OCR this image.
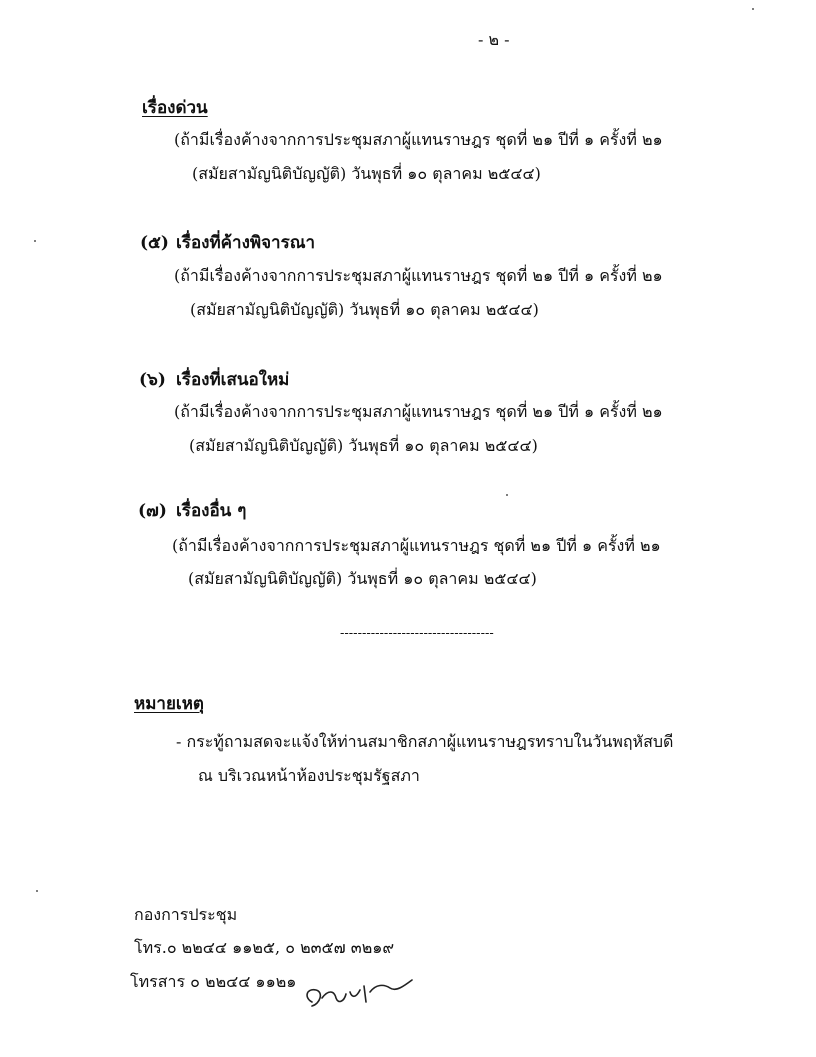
- ๒ -
เรื่องด่วน
(ถ้ามีเรื่องค้างจากการประชุมสภาผู้แทนราษฎร ชุดที่ ๒๑ ปีที่ ๑ ครั้งที่ ๒๑
(สมัยสามัญนิติบัญญัติ) วันพุธที่ ๑๐ ตุลาคม ๒๕๔๔)
(๕) เรื่องที่ค้างพิจารณา
(ถ้ามีเรื่องค้างจากการประชุมสภาผู้แทนราษฎร ชุดที่ ๒๑ ปีที่ ๑ ครั้งที่ ๒๑
(สมัยสามัญนิติบัญญัติ) วันพุธที่ ๑๐ ตุลาคม ๒๕๔๔)
(๖) เรื่องที่เสนอใหม่
(ถ้ามีเรื่องค้างจากการประชุมสภาผู้แทนราษฎร ชุดที่ ๒๑ ปีที่ ๑ ครั้งที่ ๒๑
(สมัยสามัญนิติบัญญัติ) วันพุธที่ ๑๐ ตุลาคม ๒๕๔๔)
(๗) เรื่องอื่น ๆ
(ถ้ามีเรื่องค้างจากการประชุมสภาผู้แทนราษฎร ชุดที่ ๒๑ ปีที่ ๑ ครั้งที่ ๒๑
(สมัยสามัญนิติบัญญัติ) วันพุธที่ ๑๐ ตุลาคม ๒๕๔๔)
-----------------------------------
หมายเหตุ
- กระทู้ถามสดจะแจ้งให้ท่านสมาชิกสภาผู้แทนราษฎรทราบในวันพฤหัสบดี
ณ บริเวณหน้าห้องประชุมรัฐสภา
กองการประชุม
โทร.๐ ๒๒๔๔ ๑๑๒๕, ๐ ๒๓๕๗ ๓๒๑๙
โทรสาร ๐ ๒๒๔๔ ๑๑๒๑
